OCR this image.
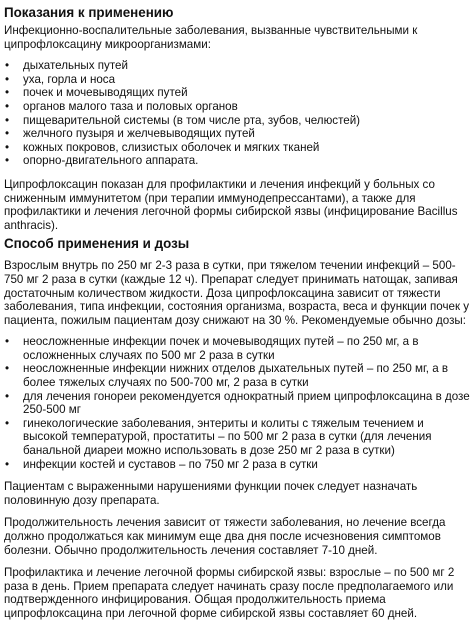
Показания к применению

Инфекционно-воспалительные заболевания, вызванные чувствительными к ципрофлоксацину микроорганизмами:

• дыхательных путей
• уха, горла и носа
• почек и мочевыводящих путей
• органов малого таза и половых органов
• пищеварительной системы (в том числе рта, зубов, челюстей)
• желчного пузыря и желчевыводящих путей
• кожных покровов, слизистых оболочек и мягких тканей
• опорно-двигательного аппарата.

Ципрофлоксацин показан для профилактики и лечения инфекций у больных со сниженным иммунитетом (при терапии иммунодепрессантами), а также для профилактики и лечения легочной формы сибирской язвы (инфицирование Bacillus anthracis).

Способ применения и дозы

Взрослым внутрь по 250 мг 2-3 раза в сутки, при тяжелом течении инфекций – 500-750 мг 2 раза в сутки (каждые 12 ч). Препарат следует принимать натощак, запивая достаточным количеством жидкости. Доза ципрофлоксацина зависит от тяжести заболевания, типа инфекции, состояния организма, возраста, веса и функции почек у пациента, пожилым пациентам дозу снижают на 30 %. Рекомендуемые обычно дозы:

• неосложненные инфекции почек и мочевыводящих путей – по 250 мг, а в осложненных случаях по 500 мг 2 раза в сутки
• неосложненные инфекции нижних отделов дыхательных путей – по 250 мг, а в более тяжелых случаях по 500-700 мг, 2 раза в сутки
• для лечения гонореи рекомендуется однократный прием ципрофлоксацина в дозе 250-500 мг
• гинекологические заболевания, энтериты и колиты с тяжелым течением и высокой температурой, простатиты – по 500 мг 2 раза в сутки (для лечения банальной диареи можно использовать в дозе 250 мг 2 раза в сутки)
• инфекции костей и суставов – по 750 мг 2 раза в сутки

Пациентам с выраженными нарушениями функции почек следует назначать половинную дозу препарата.

Продолжительность лечения зависит от тяжести заболевания, но лечение всегда должно продолжаться как минимум еще два дня после исчезновения симптомов болезни. Обычно продолжительность лечения составляет 7-10 дней.

Профилактика и лечение легочной формы сибирской язвы: взрослые – по 500 мг 2 раза в день. Прием препарата следует начинать сразу после предполагаемого или подтвержденного инфицирования. Общая продолжительность приема ципрофлоксацина при легочной форме сибирской язвы составляет 60 дней.
